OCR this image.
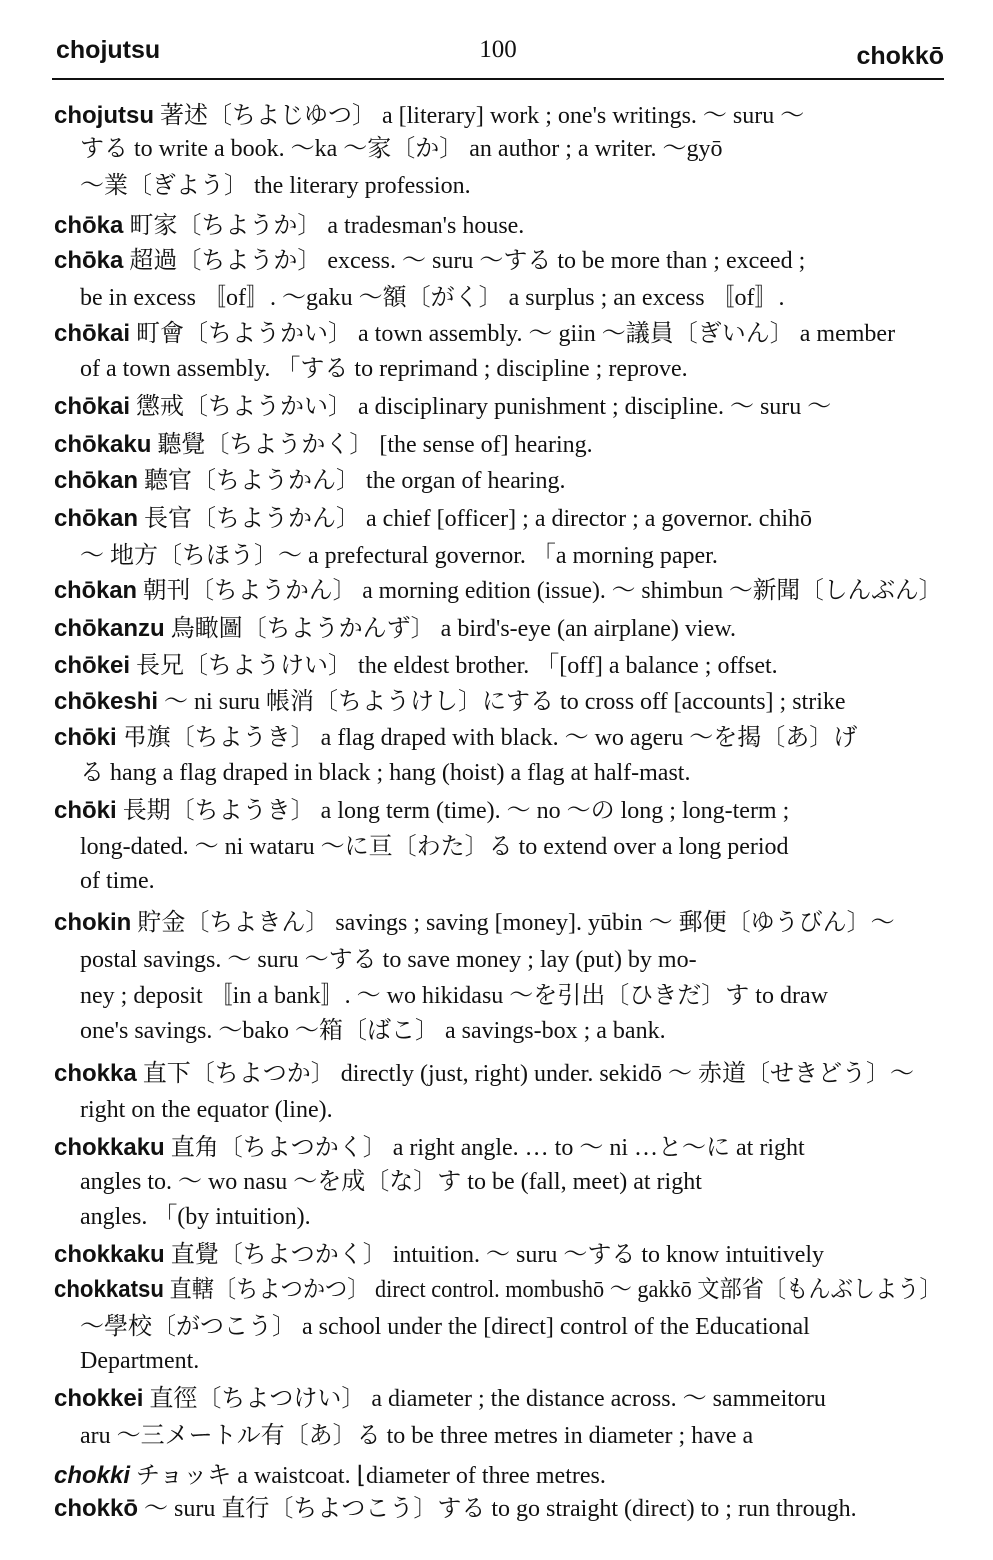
chojutsu	100	chokkō
chojutsu 著述〔ちよじゆつ〕 a [literary] work ; one's writings. ～ suru ～
する to write a book. ～ka ～家〔か〕 an author ; a writer. ～gyō
～業〔ぎよう〕 the literary profession.
chōka 町家〔ちようか〕 a tradesman's house.
chōka 超過〔ちようか〕 excess. ～ suru ～する to be more than ; exceed ;
be in excess 〚of〛. ～gaku ～額〔がく〕 a surplus ; an excess 〚of〛.
chōkai 町會〔ちようかい〕 a town assembly. ～ giin ～議員〔ぎいん〕 a member
of a town assembly. 「する to reprimand ; discipline ; reprove.
chōkai 懲戒〔ちようかい〕 a disciplinary punishment ; discipline. ～ suru ～
chōkaku 聽覺〔ちようかく〕 [the sense of] hearing.
chōkan 聽官〔ちようかん〕 the organ of hearing.
chōkan 長官〔ちようかん〕 a chief [officer] ; a director ; a governor. chihō
～ 地方〔ちほう〕～ a prefectural governor. 「a morning paper.
chōkan 朝刊〔ちようかん〕 a morning edition (issue). ～ shimbun ～新聞〔しんぶん〕
chōkanzu 鳥瞰圖〔ちようかんず〕 a bird's-eye (an airplane) view.
chōkei 長兄〔ちようけい〕 the eldest brother. 「[off] a balance ; offset.
chōkeshi ～ ni suru 帳消〔ちようけし〕にする to cross off [accounts] ; strike
chōki 弔旗〔ちようき〕 a flag draped with black. ～ wo ageru ～を揭〔あ〕げ
る hang a flag draped in black ; hang (hoist) a flag at half-mast.
chōki 長期〔ちようき〕 a long term (time). ～ no ～の long ; long-term ;
long-dated. ～ ni wataru ～に亘〔わた〕る to extend over a long period
of time.
chokin 貯金〔ちよきん〕 savings ; saving [money]. yūbin ～ 郵便〔ゆうびん〕～
postal savings. ～ suru ～する to save money ; lay (put) by mo-
ney ; deposit 〚in a bank〛. ～ wo hikidasu ～を引出〔ひきだ〕す to draw
one's savings. ～bako ～箱〔ばこ〕 a savings-box ; a bank.
chokka 直下〔ちよつか〕 directly (just, right) under. sekidō ～ 赤道〔せきどう〕～
right on the equator (line).
chokkaku 直角〔ちよつかく〕 a right angle. … to ～ ni …と～に at right
angles to. ～ wo nasu ～を成〔な〕す to be (fall, meet) at right
angles. 「(by intuition).
chokkaku 直覺〔ちよつかく〕 intuition. ～ suru ～する to know intuitively
chokkatsu 直轄〔ちよつかつ〕 direct control. mombushō ～ gakkō 文部省〔もんぶしよう〕
～學校〔がつこう〕 a school under the [direct] control of the Educational
Department.
chokkei 直徑〔ちよつけい〕 a diameter ; the distance across. ～ sammeitoru
aru ～三メートル有〔あ〕る to be three metres in diameter ; have a
chokki チョッキ a waistcoat. ⌊diameter of three metres.
chokkō ～ suru 直行〔ちよつこう〕する to go straight (direct) to ; run through.
